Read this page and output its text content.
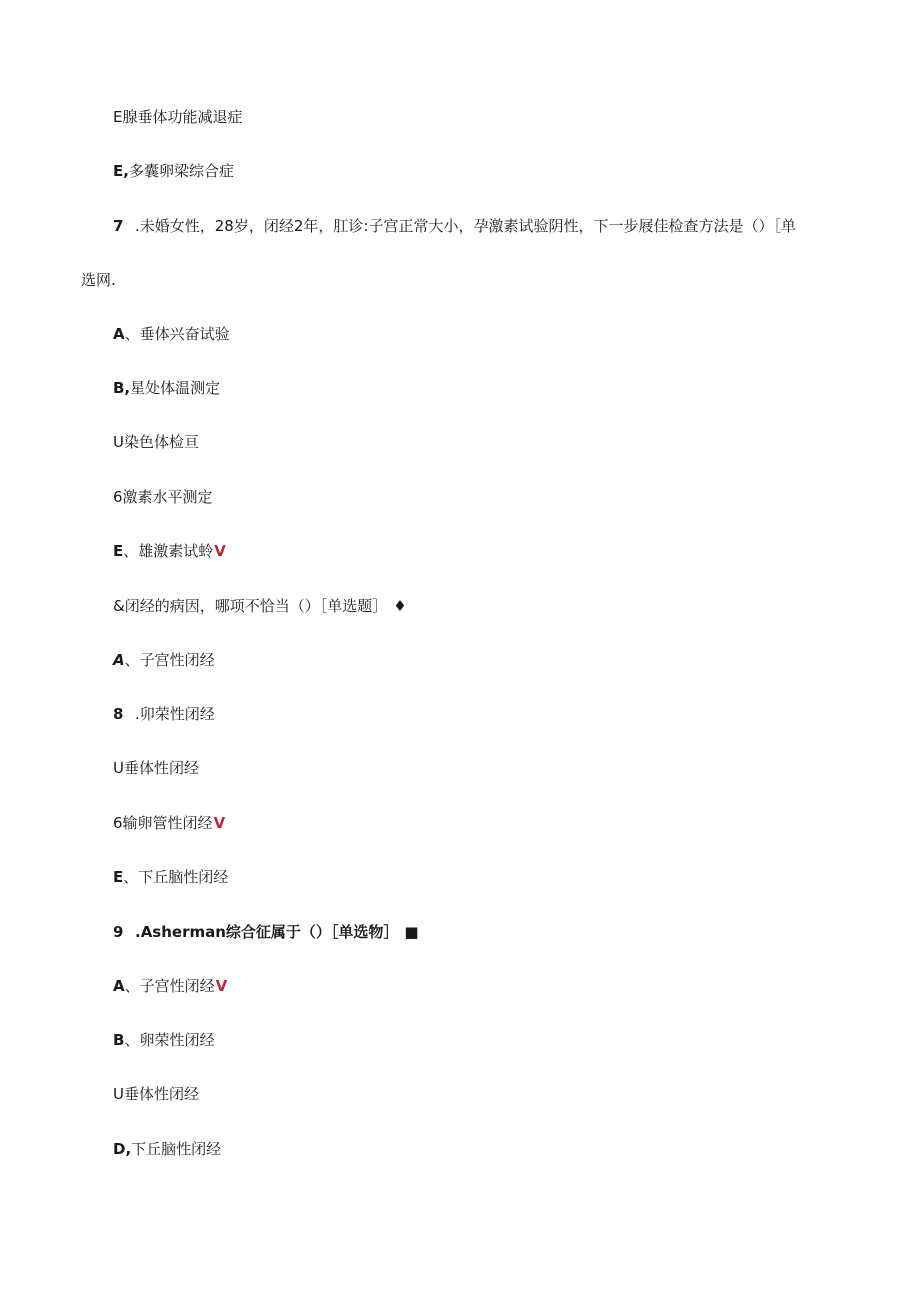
E腺垂体功能减退症
E,多囊卵梁综合症
7 .未婚女性，28岁，闭经2年，肛诊:子宫正常大小，孕激素试验阴性，下一步屐佳检查方法是（）［单
选网.
A、垂体兴奋试验
B,星处体温测定
U染色体检亘
6激素水平测定
E、雄激素试蛉V
&闭经的病因，哪项不恰当（）［单选题］ ♦
A、子宫性闭经
8 .卯荣性闭经
U垂体性闭经
6输卵管性闭经V
E、下丘脑性闭经
9 .Asherman综合征属于（）［单选物］ ■
A、子宫性闭经V
B、卵荣性闭经
U垂体性闭经
D,下丘脑性闭经
